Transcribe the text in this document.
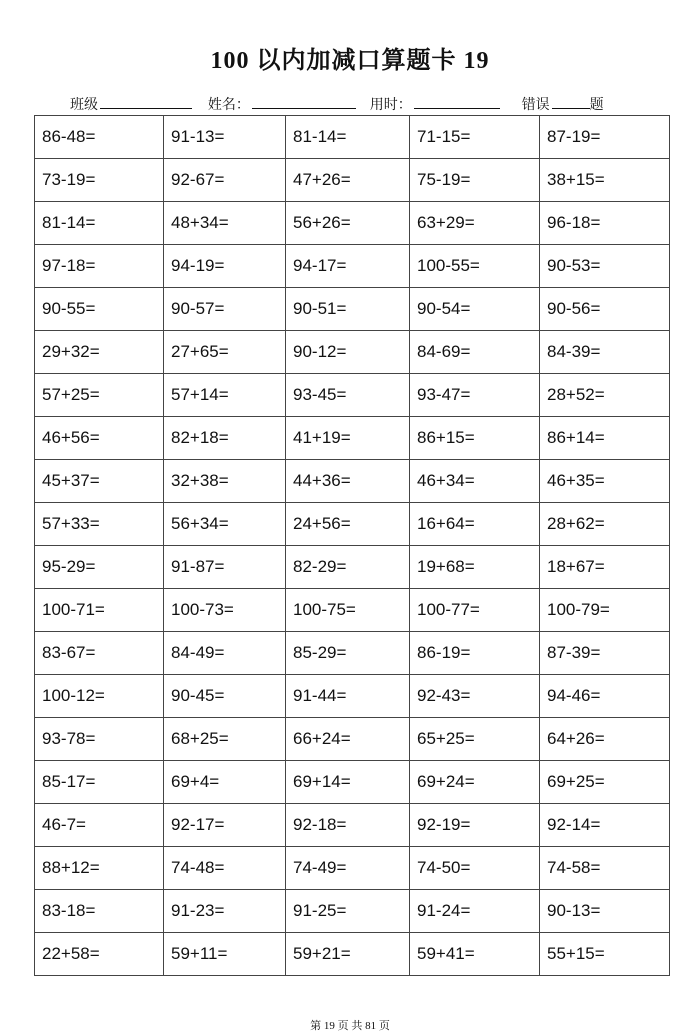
100 以内加减口算题卡 19
班级	姓名：	用时：	错误	题
86-48=	91-13=	81-14=	71-15=	87-19=
73-19=	92-67=	47+26=	75-19=	38+15=
81-14=	48+34=	56+26=	63+29=	96-18=
97-18=	94-19=	94-17=	100-55=	90-53=
90-55=	90-57=	90-51=	90-54=	90-56=
29+32=	27+65=	90-12=	84-69=	84-39=
57+25=	57+14=	93-45=	93-47=	28+52=
46+56=	82+18=	41+19=	86+15=	86+14=
45+37=	32+38=	44+36=	46+34=	46+35=
57+33=	56+34=	24+56=	16+64=	28+62=
95-29=	91-87=	82-29=	19+68=	18+67=
100-71=	100-73=	100-75=	100-77=	100-79=
83-67=	84-49=	85-29=	86-19=	87-39=
100-12=	90-45=	91-44=	92-43=	94-46=
93-78=	68+25=	66+24=	65+25=	64+26=
85-17=	69+4=	69+14=	69+24=	69+25=
46-7=	92-17=	92-18=	92-19=	92-14=
88+12=	74-48=	74-49=	74-50=	74-58=
83-18=	91-23=	91-25=	91-24=	90-13=
22+58=	59+11=	59+21=	59+41=	55+15=
第 19 页 共 81 页
